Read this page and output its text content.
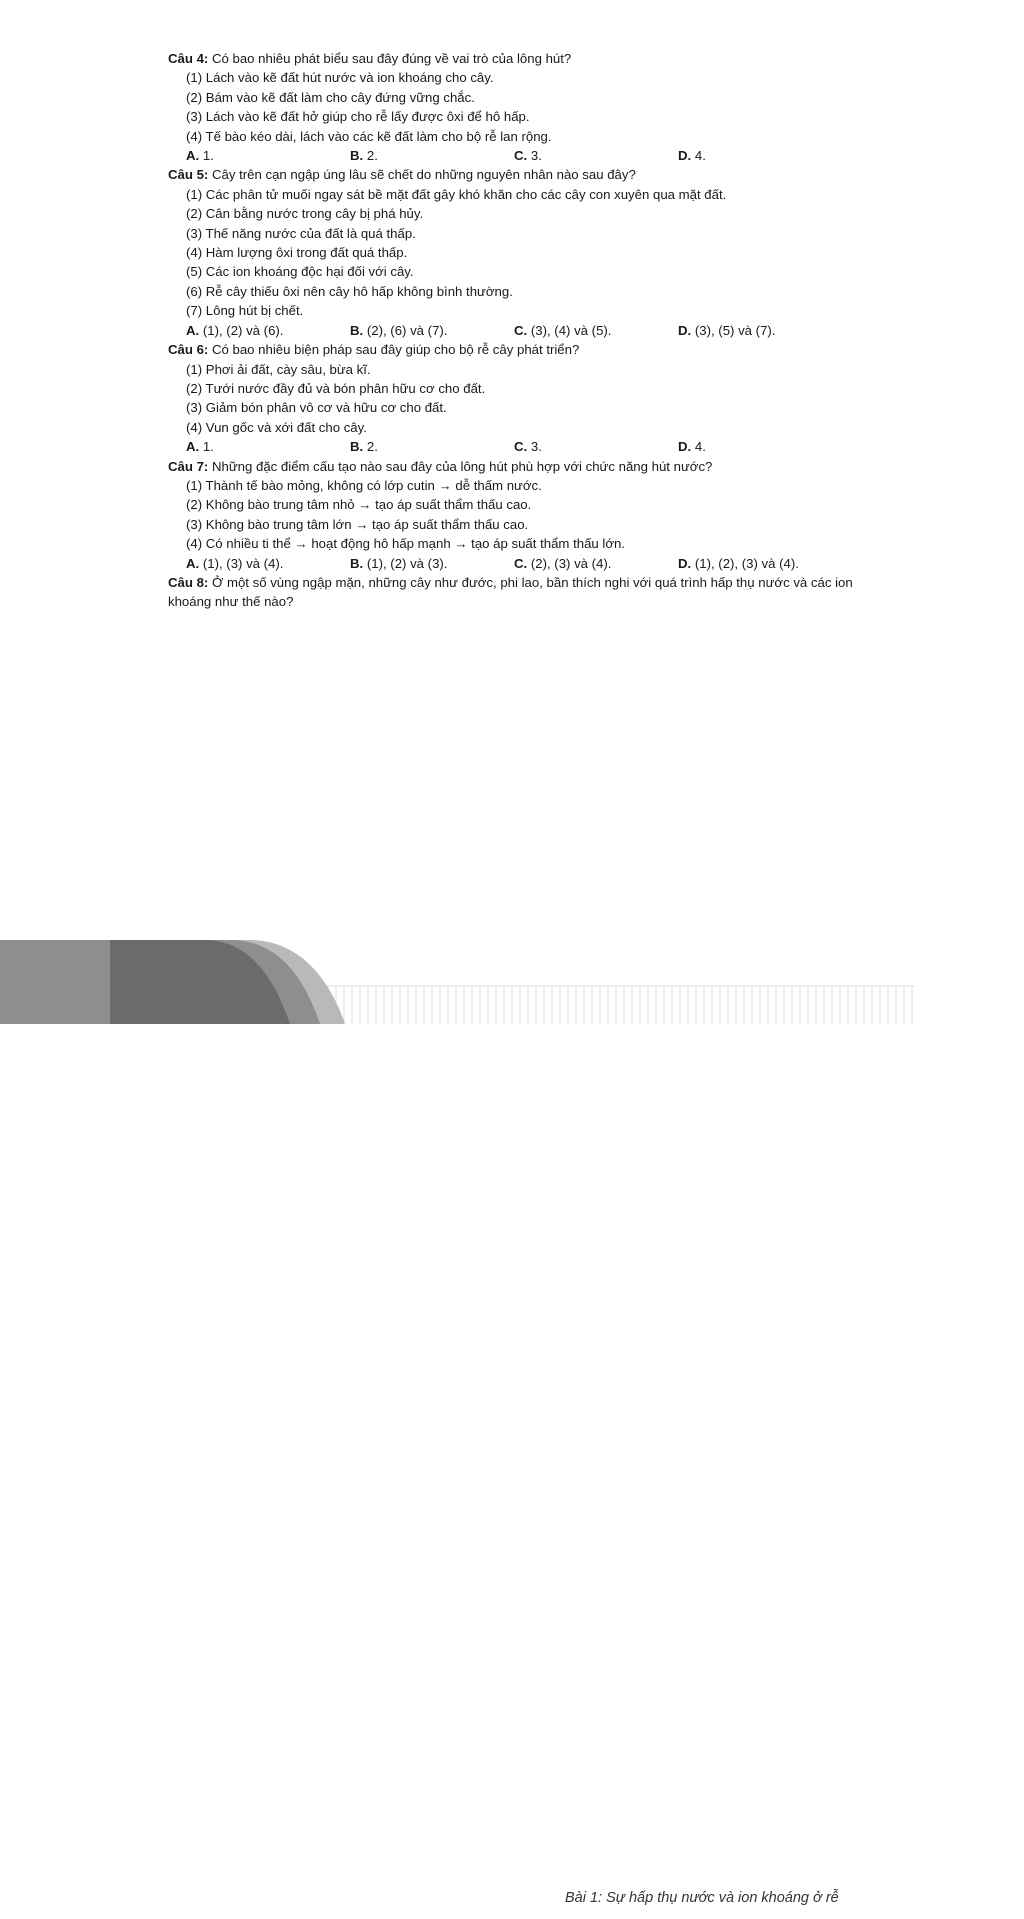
Câu 4: Có bao nhiêu phát biểu sau đây đúng về vai trò của lông hút?

(1) Lách vào kẽ đất hút nước và ion khoáng cho cây.

(2) Bám vào kẽ đất làm cho cây đứng vững chắc.

(3) Lách vào kẽ đất hở giúp cho rễ lấy được ôxi để hô hấp.

(4) Tế bào kéo dài, lách vào các kẽ đất làm cho bộ rễ lan rộng.

A. 1.	B. 2.	C. 3.	D. 4.

Câu 5: Cây trên cạn ngập úng lâu sẽ chết do những nguyên nhân nào sau đây?

(1) Các phân tử muối ngay sát bề mặt đất gây khó khăn cho các cây con xuyên qua mặt đất.

(2) Cân bằng nước trong cây bị phá hủy.

(3) Thế năng nước của đất là quá thấp.

(4) Hàm lượng ôxi trong đất quá thấp.

(5) Các ion khoáng độc hại đối với cây.

(6) Rễ cây thiếu ôxi nên cây hô hấp không bình thường.

(7) Lông hút bị chết.

A. (1), (2) và (6).	B. (2), (6) và (7).	C. (3), (4) và (5).	D. (3), (5) và (7).

Câu 6: Có bao nhiêu biện pháp sau đây giúp cho bộ rễ cây phát triển?

(1) Phơi ải đất, cày sâu, bừa kĩ.

(2) Tưới nước đầy đủ và bón phân hữu cơ cho đất.

(3) Giảm bón phân vô cơ và hữu cơ cho đất.

(4) Vun gốc và xới đất cho cây.

A. 1.	B. 2.	C. 3.	D. 4.

Câu 7: Những đặc điểm cấu tạo nào sau đây của lông hút phù hợp với chức năng hút nước?

(1) Thành tế bào mỏng, không có lớp cutin → dễ thấm nước.

(2) Không bào trung tâm nhỏ → tạo áp suất thẩm thấu cao.

(3) Không bào trung tâm lớn → tạo áp suất thẩm thấu cao.

(4) Có nhiều ti thể → hoạt động hô hấp mạnh → tạo áp suất thẩm thấu lớn.

A. (1), (3) và (4).	B. (1), (2) và (3).	C. (2), (3) và (4).	D. (1), (2), (3) và (4).

Câu 8: Ở một số vùng ngập mặn, những cây như đước, phi lao, bần thích nghi với quá trình hấp thụ nước và các ion khoáng như thế nào?

18	Bài 1: Sự hấp thụ nước và ion khoáng ở rễ
